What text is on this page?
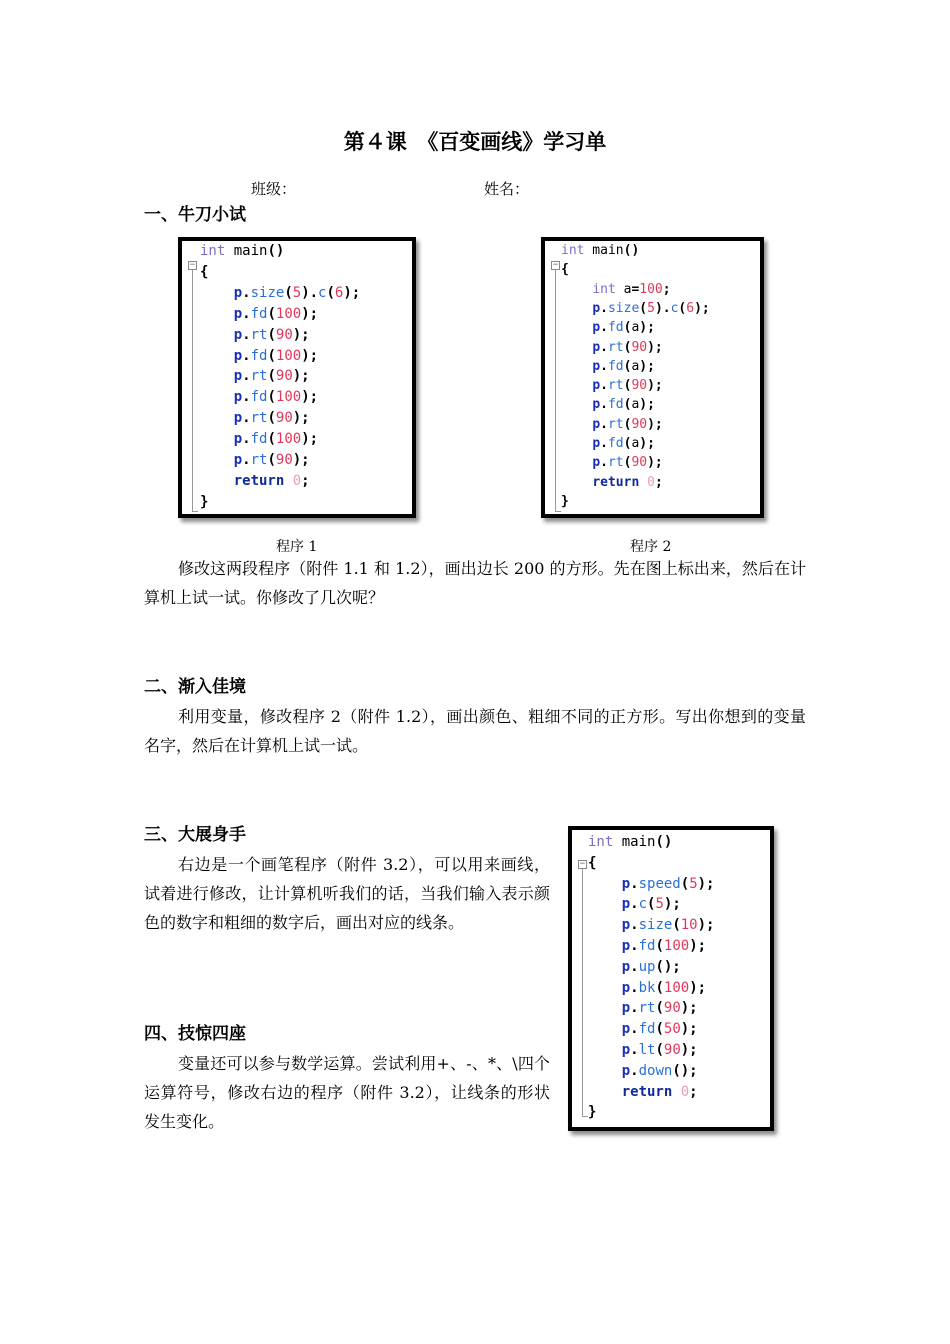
第４课　《百变画线》学习单
班级：	姓名：
一、牛刀小试
−
int main()
{
p.size(5).c(6);
p.fd(100);
p.rt(90);
p.fd(100);
p.rt(90);
p.fd(100);
p.rt(90);
p.fd(100);
p.rt(90);
return 0;
}
程序 1
−
int main()
{
int a=100;
p.size(5).c(6);
p.fd(a);
p.rt(90);
p.fd(a);
p.rt(90);
p.fd(a);
p.rt(90);
p.fd(a);
p.rt(90);
return 0;
}
程序 2
修改这两段程序（附件 1.1 和 1.2），画出边长 200 的方形。先在图上标出来，然后在计算机上试一试。你修改了几次呢？
二、渐入佳境
利用变量，修改程序 2（附件 1.2），画出颜色、粗细不同的正方形。写出你想到的变量名字，然后在计算机上试一试。
三、大展身手
右边是一个画笔程序（附件 3.2），可以用来画线，试着进行修改，让计算机听我们的话，当我们输入表示颜色的数字和粗细的数字后，画出对应的线条。
四、技惊四座
变量还可以参与数学运算。尝试利用+、-、*、\四个运算符号，修改右边的程序（附件 3.2），让线条的形状发生变化。
−
int main()
{
p.speed(5);
p.c(5);
p.size(10);
p.fd(100);
p.up();
p.bk(100);
p.rt(90);
p.fd(50);
p.lt(90);
p.down();
return 0;
}
